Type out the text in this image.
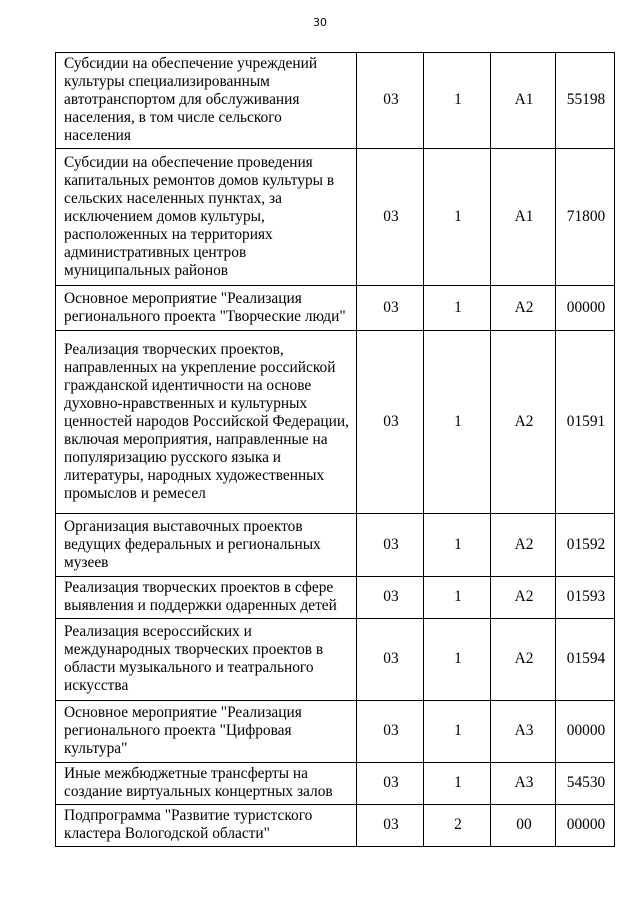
30
Субсидии на обеспечение учреждений культуры специализированным автотранспортом для обслуживания населения, в том числе сельского населения	03	1	A1	55198
Субсидии на обеспечение проведения капитальных ремонтов домов культуры в сельских населенных пунктах, за исключением домов культуры, расположенных на территориях административных центров муниципальных районов	03	1	A1	71800
Основное мероприятие "Реализация регионального проекта "Творческие люди"	03	1	A2	00000
Реализация творческих проектов, направленных на укрепление российской гражданской идентичности на основе духовно-нравственных и культурных ценностей народов Российской Федерации, включая мероприятия, направленные на популяризацию русского языка и литературы, народных художественных промыслов и ремесел	03	1	A2	01591
Организация выставочных проектов ведущих федеральных и региональных музеев	03	1	A2	01592
Реализация творческих проектов в сфере выявления и поддержки одаренных детей	03	1	A2	01593
Реализация всероссийских и международных творческих проектов в области музыкального и театрального искусства	03	1	A2	01594
Основное мероприятие "Реализация регионального проекта "Цифровая культура"	03	1	A3	00000
Иные межбюджетные трансферты на создание виртуальных концертных залов	03	1	A3	54530
Подпрограмма "Развитие туристского кластера Вологодской области"	03	2	00	00000
